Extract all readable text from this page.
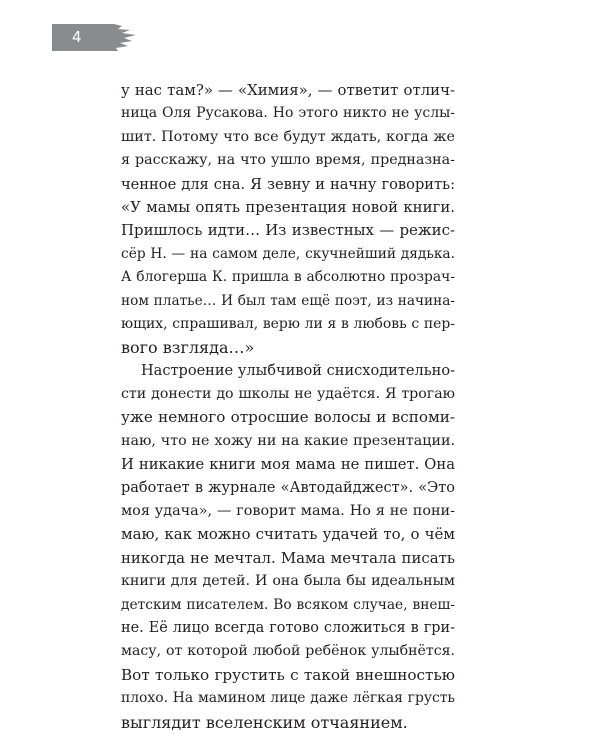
4
у нас там?» — «Химия», — ответит отлич-
ница Оля Русакова. Но этого никто не услы-
шит. Потому что все будут ждать, когда же
я расскажу, на что ушло время, предназна-
ченное для сна. Я зевну и начну говорить:
«У мамы опять презентация новой книги.
Пришлось идти… Из известных — режис-
сёр Н. — на самом деле, скучнейший дядька.
А блогерша К. пришла в абсолютно прозрач-
ном платье… И был там ещё поэт, из начина-
ющих, спрашивал, верю ли я в любовь с пер-
вого взгляда…»
Настроение улыбчивой снисходительно-
сти донести до школы не удаётся. Я трогаю
уже немного отросшие волосы и вспоми-
наю, что не хожу ни на какие презентации.
И никакие книги моя мама не пишет. Она
работает в журнале «Автодайджест». «Это
моя удача», — говорит мама. Но я не пони-
маю, как можно считать удачей то, о чём
никогда не мечтал. Мама мечтала писать
книги для детей. И она была бы идеальным
детским писателем. Во всяком случае, внеш-
не. Её лицо всегда готово сложиться в гри-
масу, от которой любой ребёнок улыбнётся.
Вот только грустить с такой внешностью
плохо. На мамином лице даже лёгкая грусть
выглядит вселенским отчаянием.
